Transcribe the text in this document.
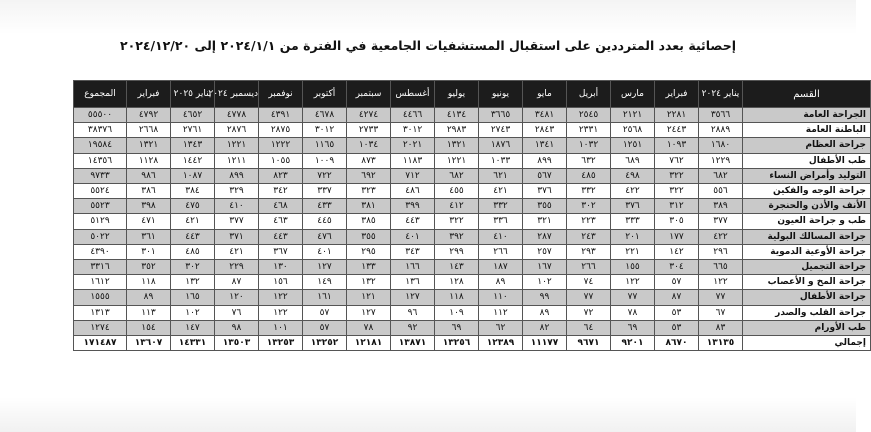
إحصائية بعدد المترددين على استقبال المستشفيات الجامعية في الفترة من ٢٠٢٤/١/١ إلى ٢٠٢٤/١٢/٢٠
القسم	يناير ٢٠٢٤	فبراير	مارس	أبريل	مايو	يونيو	يوليو	أغسطس	سبتمبر	أكتوبر	نوفمبر	ديسمبر ٢٠٢٤	يناير ٢٠٢٥	فبراير	المجموع
الجراحة العامة	٣٥٦٦	٢٢٨١	٢١٢١	٢٥٤٥	٣٤٨١	٣٦٦٥	٤١٣٤	٤٤٦٦	٤٢٧٤	٤٦٧٨	٤٣٩١	٤٧٧٨	٤٦٥٢	٤٧٩٢	٥٥٥٠٠
الباطنة العامة	٢٨٨٩	٢٤٤٣	٢٥٦٨	٢٣٣١	٢٨٤٣	٢٧٤٣	٢٩٨٣	٣٠١٢	٢٧٣٣	٣٠١٢	٢٨٧٥	٢٨٧٦	٢٧٦١	٢٦٦٨	٣٨٣٧٦
جراحة العظام	١٦٨٠	١٠٩٣	١٢٥١	١٠٣٢	١٣٤١	١٨٧٦	١٣٢١	٢٠٢١	١٠٣٤	١١٦٥	١٢٢٢	١٢٢١	١٣٤٣	١٣٢١	١٩٥٨٤
طب الأطفال	١٢٢٩	٧٦٢	٦٨٩	٦٣٢	٨٩٩	١٠٣٣	١٢٢١	١١٨٣	٨٧٣	١٠٠٩	١٠٥٥	١٢١١	١٤٤٢	١١٢٨	١٤٣٥٦
التوليد وأمراض النساء	٦٨٢	٣٢٢	٤٩٨	٤٨٥	٥٦٧	٦٢١	٦٨٢	٧١٢	٦٩٢	٧٢٢	٨٢٣	٨٩٩	١٠٨٧	٩٨٦	٩٧٣٣
جراحة الوجه والفكين	٥٥٦	٣٢٢	٤٢٢	٣٣٢	٣٧٦	٤٢١	٤٥٥	٤٨٦	٣٢٣	٣٣٧	٣٤٢	٣٢٩	٣٨٤	٣٨٦	٥٥٢٤
الأنف والأذن والحنجرة	٣٨٩	٣١٢	٣٧٦	٣٠٢	٣٥٥	٣٣٢	٤١٢	٣٩٩	٣٨١	٤٣٣	٤٦٨	٤١٠	٤٧٥	٣٩٨	٥٥٢٣
طب و جراحة العيون	٣٧٧	٣٠٥	٣٣٣	٢٢٣	٣٢١	٣٣٦	٣٢٢	٤٤٣	٣٨٥	٤٤٥	٤٦٣	٣٧٧	٤٢١	٤٧١	٥١٢٩
جراحة المسالك البولية	٤٢٢	١٧٧	٢٠١	٢٤٣	٢٨٧	٤١٠	٣٩٢	٤٠١	٣٥٥	٤٧٦	٤٤٣	٣٧١	٤٤٣	٣٦١	٥٠٢٢
جراحة الأوعية الدموية	٢٩٦	١٤٢	٢٢١	٢٩٣	٢٥٧	٢٦٦	٢٩٩	٣٤٣	٢٩٥	٤٠١	٣٦٧	٤٢١	٤٨٥	٣٠١	٤٣٩٠
جراحة التجميل	٦٦٥	٣٠٤	١٥٥	٢٦٦	١٦٧	١٨٧	١٤٣	١٦٦	١٣٣	١٢٧	١٣٠	٢٢٩	٣٠٢	٣٥٢	٣٣١٦
جراحة المخ و الأعصاب	١٢٢	٥٧	١٢٢	٧٤	١٠٢	٨٩	١٢٨	١٣٦	١٣٢	١٤٩	١٥٦	٨٧	١٣٢	١١٨	١٦١٢
جراحة الأطفال	٧٧	٨٧	٧٧	٧٧	٩٩	١١٠	١١٨	١٢٧	١٢١	١٦١	١٢٢	١٢٠	١٦٥	٨٩	١٥٥٥
جراحة القلب والصدر	٦٧	٥٣	٧٨	٧٢	٨٩	١١٢	١٠٩	٩٦	١٢٧	٥٧	١٢٢	٧٦	١٠٢	١١٣	١٣١٣
طب الأورام	٨٣	٥٣	٦٩	٦٤	٨٢	٦٢	٦٩	٩٢	٧٨	٥٧	١٠١	٩٨	١٤٧	١٥٤	١٢٧٤
إجمالي	١٣١٣٥	٨٦٧٠	٩٢٠١	٩٦٧١	١١١٧٧	١٢٣٨٩	١٣٢٥٦	١٣٨٧١	١٢١٨١	١٣٢٥٢	١٣٢٥٣	١٣٥٠٣	١٤٣٣١	١٣٦٠٧	١٧١٤٨٧
